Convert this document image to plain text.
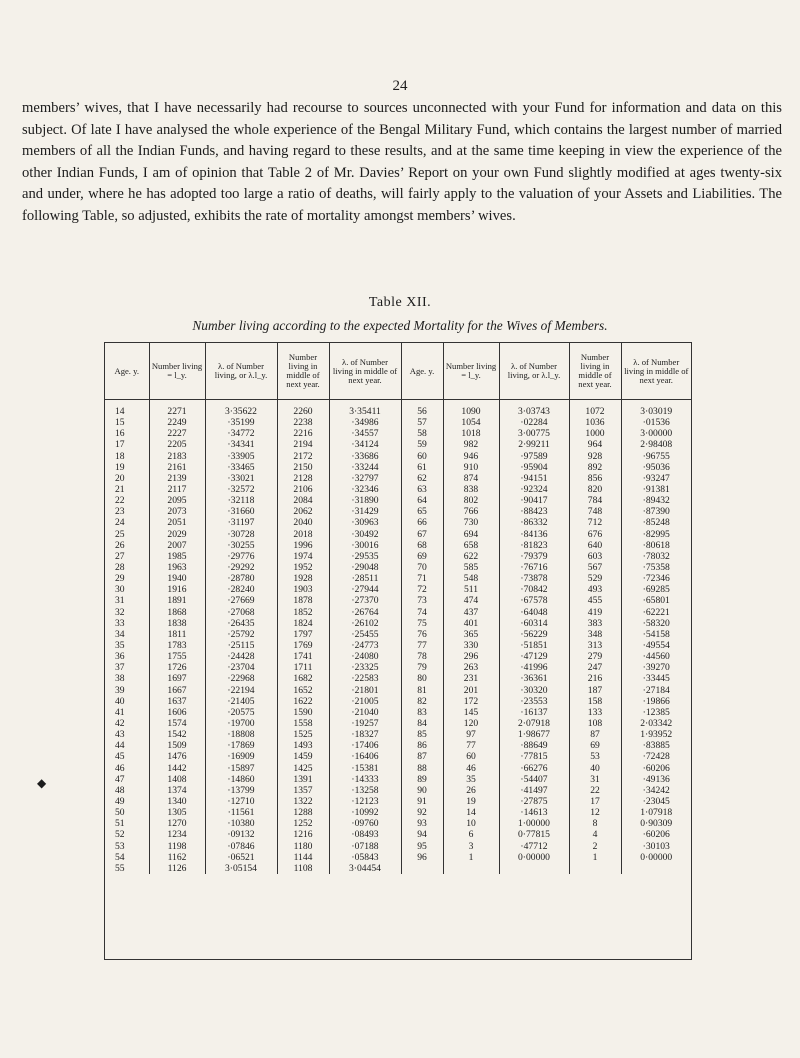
24
members’ wives, that I have necessarily had recourse to sources unconnected with your Fund for information and data on this subject. Of late I have analysed the whole experience of the Bengal Military Fund, which contains the largest number of married members of all the Indian Funds, and having regard to these results, and at the same time keeping in view the experience of the other Indian Funds, I am of opinion that Table 2 of Mr. Davies’ Report on your own Fund slightly modified at ages twenty-six and under, where he has adopted too large a ratio of deaths, will fairly apply to the valuation of your Assets and Liabilities. The following Table, so adjusted, exhibits the rate of mortality amongst members’ wives.
Table XII.
Number living according to the expected Mortality for the Wives of Members.
Age. y.	Number living = l_y.	λ. of Number living, or λ.l_y.	Number living in middle of next year.	λ. of Number living in middle of next year.	Age. y.	Number living = l_y.	λ. of Number living, or λ.l_y.	Number living in middle of next year.	λ. of Number living in middle of next year.

14	2271	3·35622	2260	3·35411	56	1090	3·03743	1072	3·03019
15	2249	·35199	2238	·34986	57	1054	·02284	1036	·01536
16	2227	·34772	2216	·34557	58	1018	3·00775	1000	3·00000
17	2205	·34341	2194	·34124	59	982	2·99211	964	2·98408
18	2183	·33905	2172	·33686	60	946	·97589	928	·96755
19	2161	·33465	2150	·33244	61	910	·95904	892	·95036
20	2139	·33021	2128	·32797	62	874	·94151	856	·93247
21	2117	·32572	2106	·32346	63	838	·92324	820	·91381
22	2095	·32118	2084	·31890	64	802	·90417	784	·89432
23	2073	·31660	2062	·31429	65	766	·88423	748	·87390
24	2051	·31197	2040	·30963	66	730	·86332	712	·85248
25	2029	·30728	2018	·30492	67	694	·84136	676	·82995
26	2007	·30255	1996	·30016	68	658	·81823	640	·80618
27	1985	·29776	1974	·29535	69	622	·79379	603	·78032
28	1963	·29292	1952	·29048	70	585	·76716	567	·75358
29	1940	·28780	1928	·28511	71	548	·73878	529	·72346
30	1916	·28240	1903	·27944	72	511	·70842	493	·69285
31	1891	·27669	1878	·27370	73	474	·67578	455	·65801
32	1868	·27068	1852	·26764	74	437	·64048	419	·62221
33	1838	·26435	1824	·26102	75	401	·60314	383	·58320
34	1811	·25792	1797	·25455	76	365	·56229	348	·54158
35	1783	·25115	1769	·24773	77	330	·51851	313	·49554
36	1755	·24428	1741	·24080	78	296	·47129	279	·44560
37	1726	·23704	1711	·23325	79	263	·41996	247	·39270
38	1697	·22968	1682	·22583	80	231	·36361	216	·33445
39	1667	·22194	1652	·21801	81	201	·30320	187	·27184
40	1637	·21405	1622	·21005	82	172	·23553	158	·19866
41	1606	·20575	1590	·21040	83	145	·16137	133	·12385
42	1574	·19700	1558	·19257	84	120	2·07918	108	2·03342
43	1542	·18808	1525	·18327	85	97	1·98677	87	1·93952
44	1509	·17869	1493	·17406	86	77	·88649	69	·83885
45	1476	·16909	1459	·16406	87	60	·77815	53	·72428
46	1442	·15897	1425	·15381	88	46	·66276	40	·60206
47	1408	·14860	1391	·14333	89	35	·54407	31	·49136
48	1374	·13799	1357	·13258	90	26	·41497	22	·34242
49	1340	·12710	1322	·12123	91	19	·27875	17	·23045
50	1305	·11561	1288	·10992	92	14	·14613	12	1·07918
51	1270	·10380	1252	·09760	93	10	1·00000	8	0·90309
52	1234	·09132	1216	·08493	94	6	0·77815	4	·60206
53	1198	·07846	1180	·07188	95	3	·47712	2	·30103
54	1162	·06521	1144	·05843	96	1	0·00000	1	0·00000
55	1126	3·05154	1108	3·04454					
◆
